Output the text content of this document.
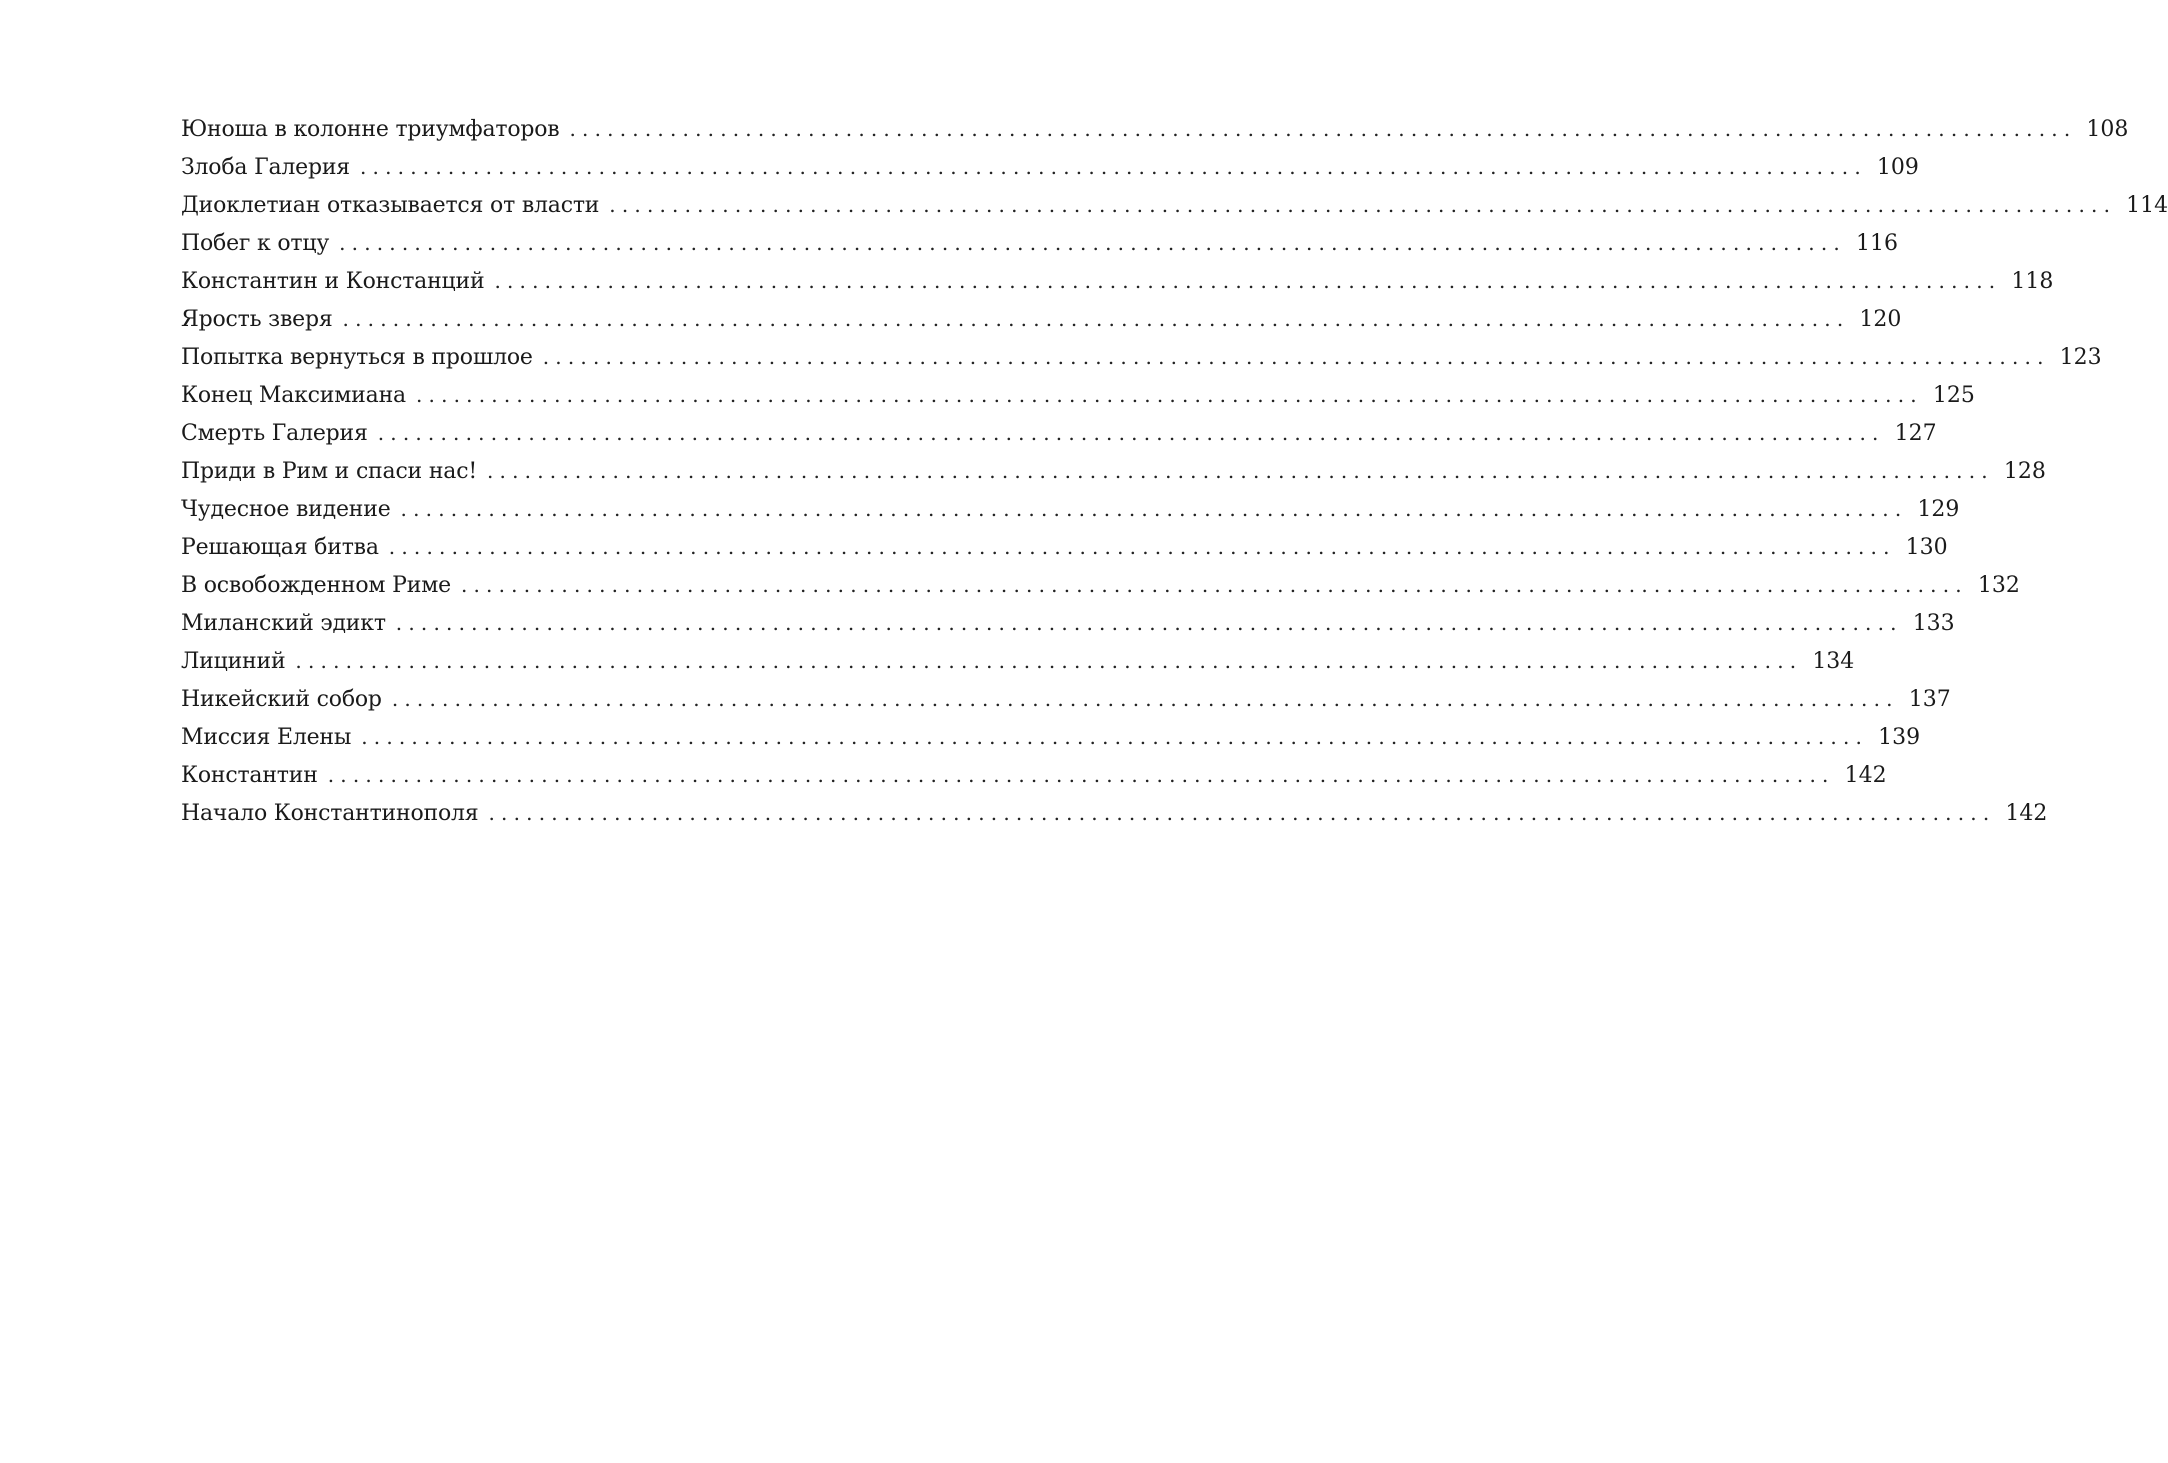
Юноша в колонне триумфаторов ........................................................................................................................ 108
Злоба Галерия ........................................................................................................................ 109
Диоклетиан отказывается от власти ........................................................................................................................ 114
Побег к отцу ........................................................................................................................ 116
Константин и Констанций ........................................................................................................................ 118
Ярость зверя ........................................................................................................................ 120
Попытка вернуться в прошлое ........................................................................................................................ 123
Конец Максимиана ........................................................................................................................ 125
Смерть Галерия ........................................................................................................................ 127
Приди в Рим и спаси нас! ........................................................................................................................ 128
Чудесное видение ........................................................................................................................ 129
Решающая битва ........................................................................................................................ 130
В освобожденном Риме ........................................................................................................................ 132
Миланский эдикт ........................................................................................................................ 133
Лициний ........................................................................................................................ 134
Никейский собор ........................................................................................................................ 137
Миссия Елены ........................................................................................................................ 139
Константин ........................................................................................................................ 142
Начало Константинополя ........................................................................................................................ 142
